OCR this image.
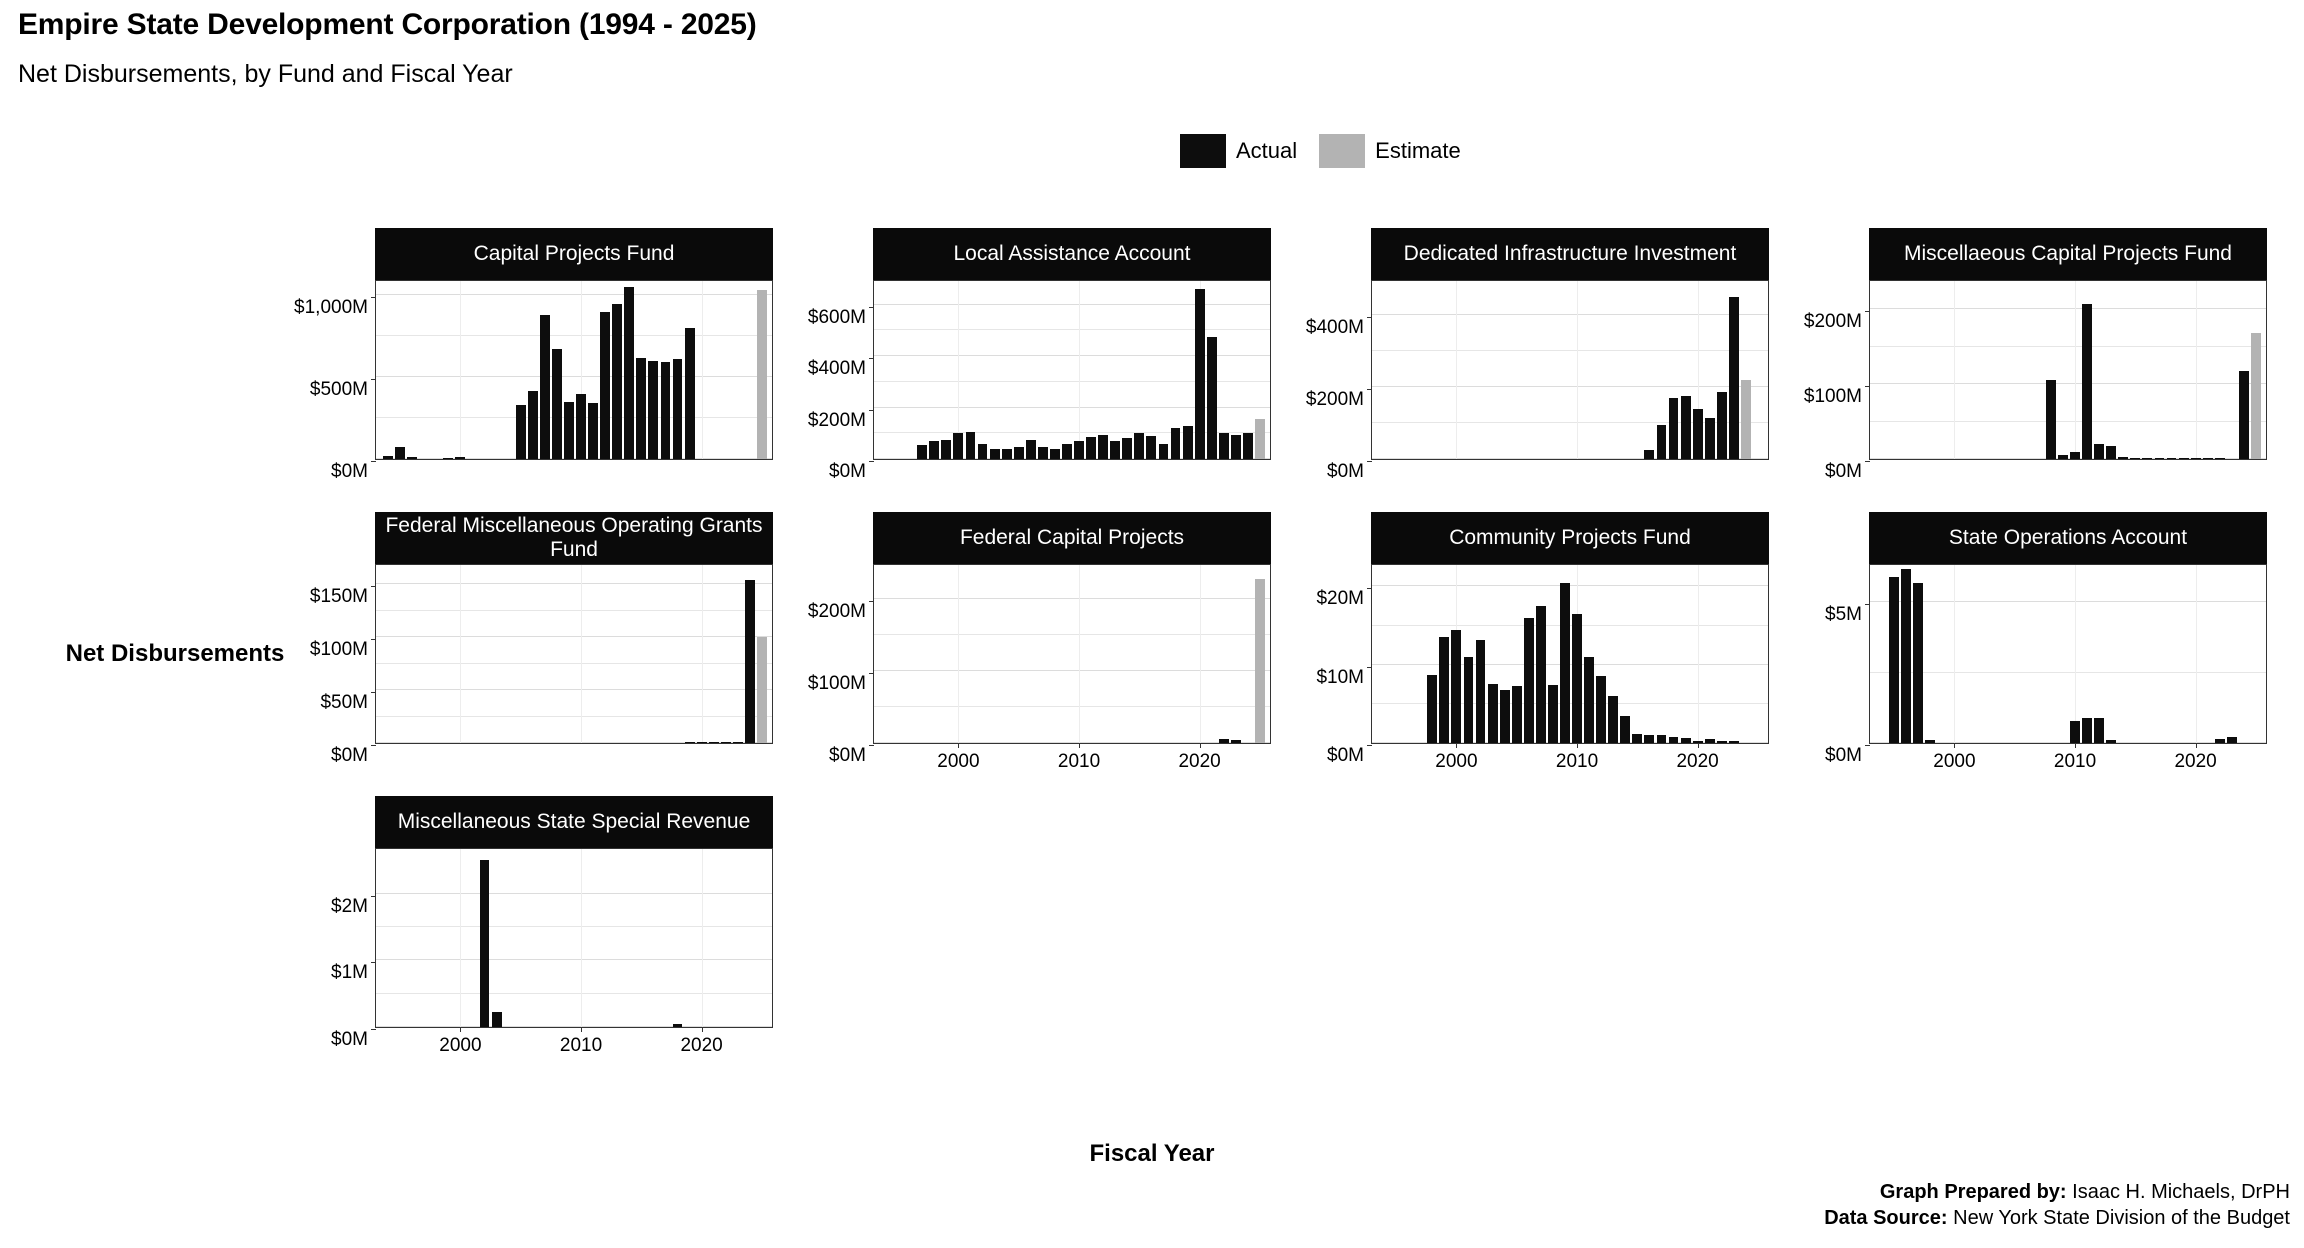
Empire State Development Corporation (1994 - 2025)
Net Disbursements, by Fund and Fiscal Year
Actual	Estimate
Net Disbursements
Fiscal Year
Capital Projects Fund
$0M
$500M
$1,000M
Local Assistance Account
$0M
$200M
$400M
$600M
Dedicated Infrastructure Investment
$0M
$200M
$400M
Miscellaeous Capital Projects Fund
$0M
$100M
$200M
Federal Miscellaneous Operating Grants Fund
$0M
$50M
$100M
$150M
Federal Capital Projects
$0M
$100M
$200M
2000	2010	2020
Community Projects Fund
$0M
$10M
$20M
2000	2010	2020
State Operations Account
$0M
$5M
2000	2010	2020
Miscellaneous State Special Revenue
$0M
$1M
$2M
2000	2010	2020
Graph Prepared by: Isaac H. Michaels, DrPH
Data Source: New York State Division of the Budget
